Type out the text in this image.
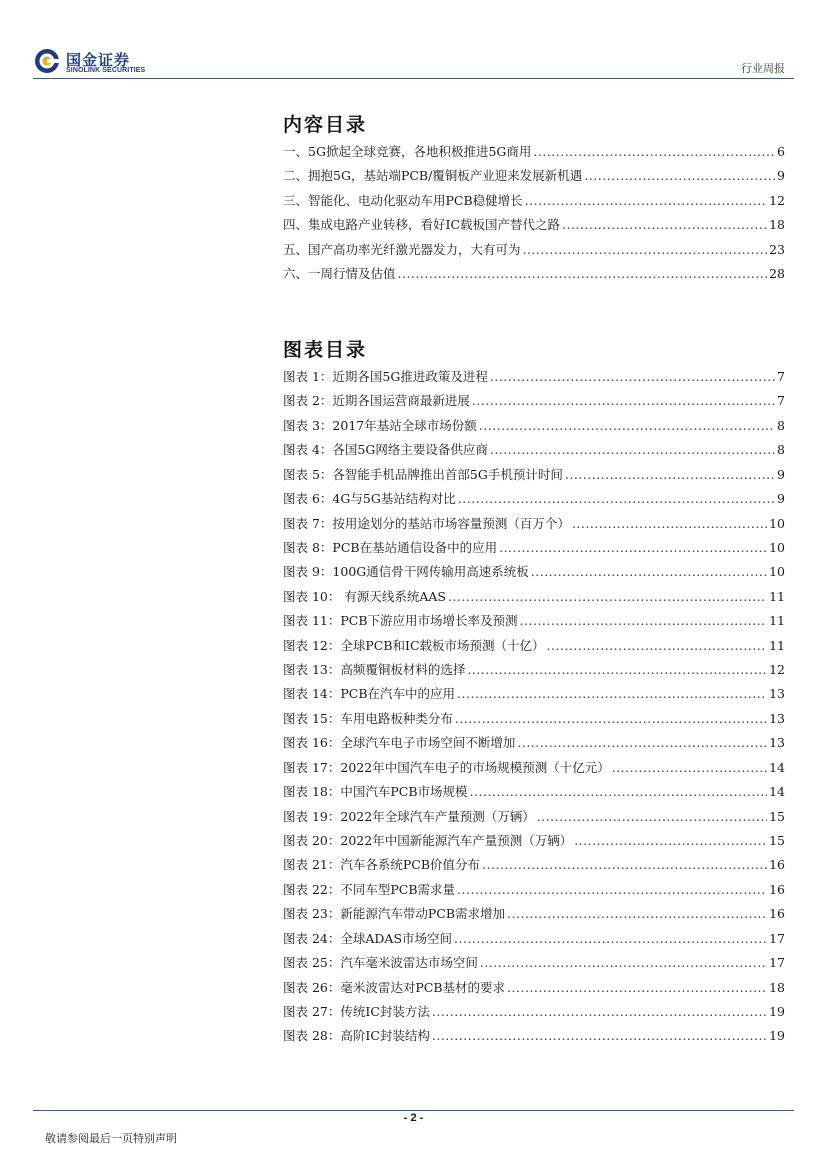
国金证券
SINOLINK SECURITIES	行业周报
内容目录
一、5G掀起全球竞赛，各地积极推进5G商用 .....	6
二、拥抱5G，基站端PCB/覆铜板产业迎来发展新机遇 .....	9
三、智能化、电动化驱动车用PCB稳健增长 .....	12
四、集成电路产业转移，看好IC载板国产替代之路 .....	18
五、国产高功率光纤激光器发力，大有可为 .....	23
六、一周行情及估值 .....	28
图表目录
图表 1：近期各国5G推进政策及进程 .....	7
图表 2：近期各国运营商最新进展 .....	7
图表 3：2017年基站全球市场份额 .....	8
图表 4：各国5G网络主要设备供应商 .....	8
图表 5：各智能手机品牌推出首部5G手机预计时间 .....	9
图表 6：4G与5G基站结构对比 .....	9
图表 7：按用途划分的基站市场容量预测（百万个） .....	10
图表 8：PCB在基站通信设备中的应用 .....	10
图表 9：100G通信骨干网传输用高速系统板 .....	10
图表 10： 有源天线系统AAS .....	11
图表 11：PCB下游应用市场增长率及预测 .....	11
图表 12：全球PCB和IC载板市场预测（十亿） .....	11
图表 13：高频覆铜板材料的选择 .....	12
图表 14：PCB在汽车中的应用 .....	13
图表 15：车用电路板种类分布 .....	13
图表 16：全球汽车电子市场空间不断增加 .....	13
图表 17：2022年中国汽车电子的市场规模预测（十亿元） .....	14
图表 18：中国汽车PCB市场规模 .....	14
图表 19：2022年全球汽车产量预测（万辆） .....	15
图表 20：2022年中国新能源汽车产量预测（万辆） .....	15
图表 21：汽车各系统PCB价值分布 .....	16
图表 22：不同车型PCB需求量 .....	16
图表 23：新能源汽车带动PCB需求增加 .....	16
图表 24：全球ADAS市场空间 .....	17
图表 25：汽车毫米波雷达市场空间 .....	17
图表 26：毫米波雷达对PCB基材的要求 .....	18
图表 27：传统IC封装方法 .....	19
图表 28：高阶IC封装结构 .....	19
- 2 -
敬请参阅最后一页特别声明
